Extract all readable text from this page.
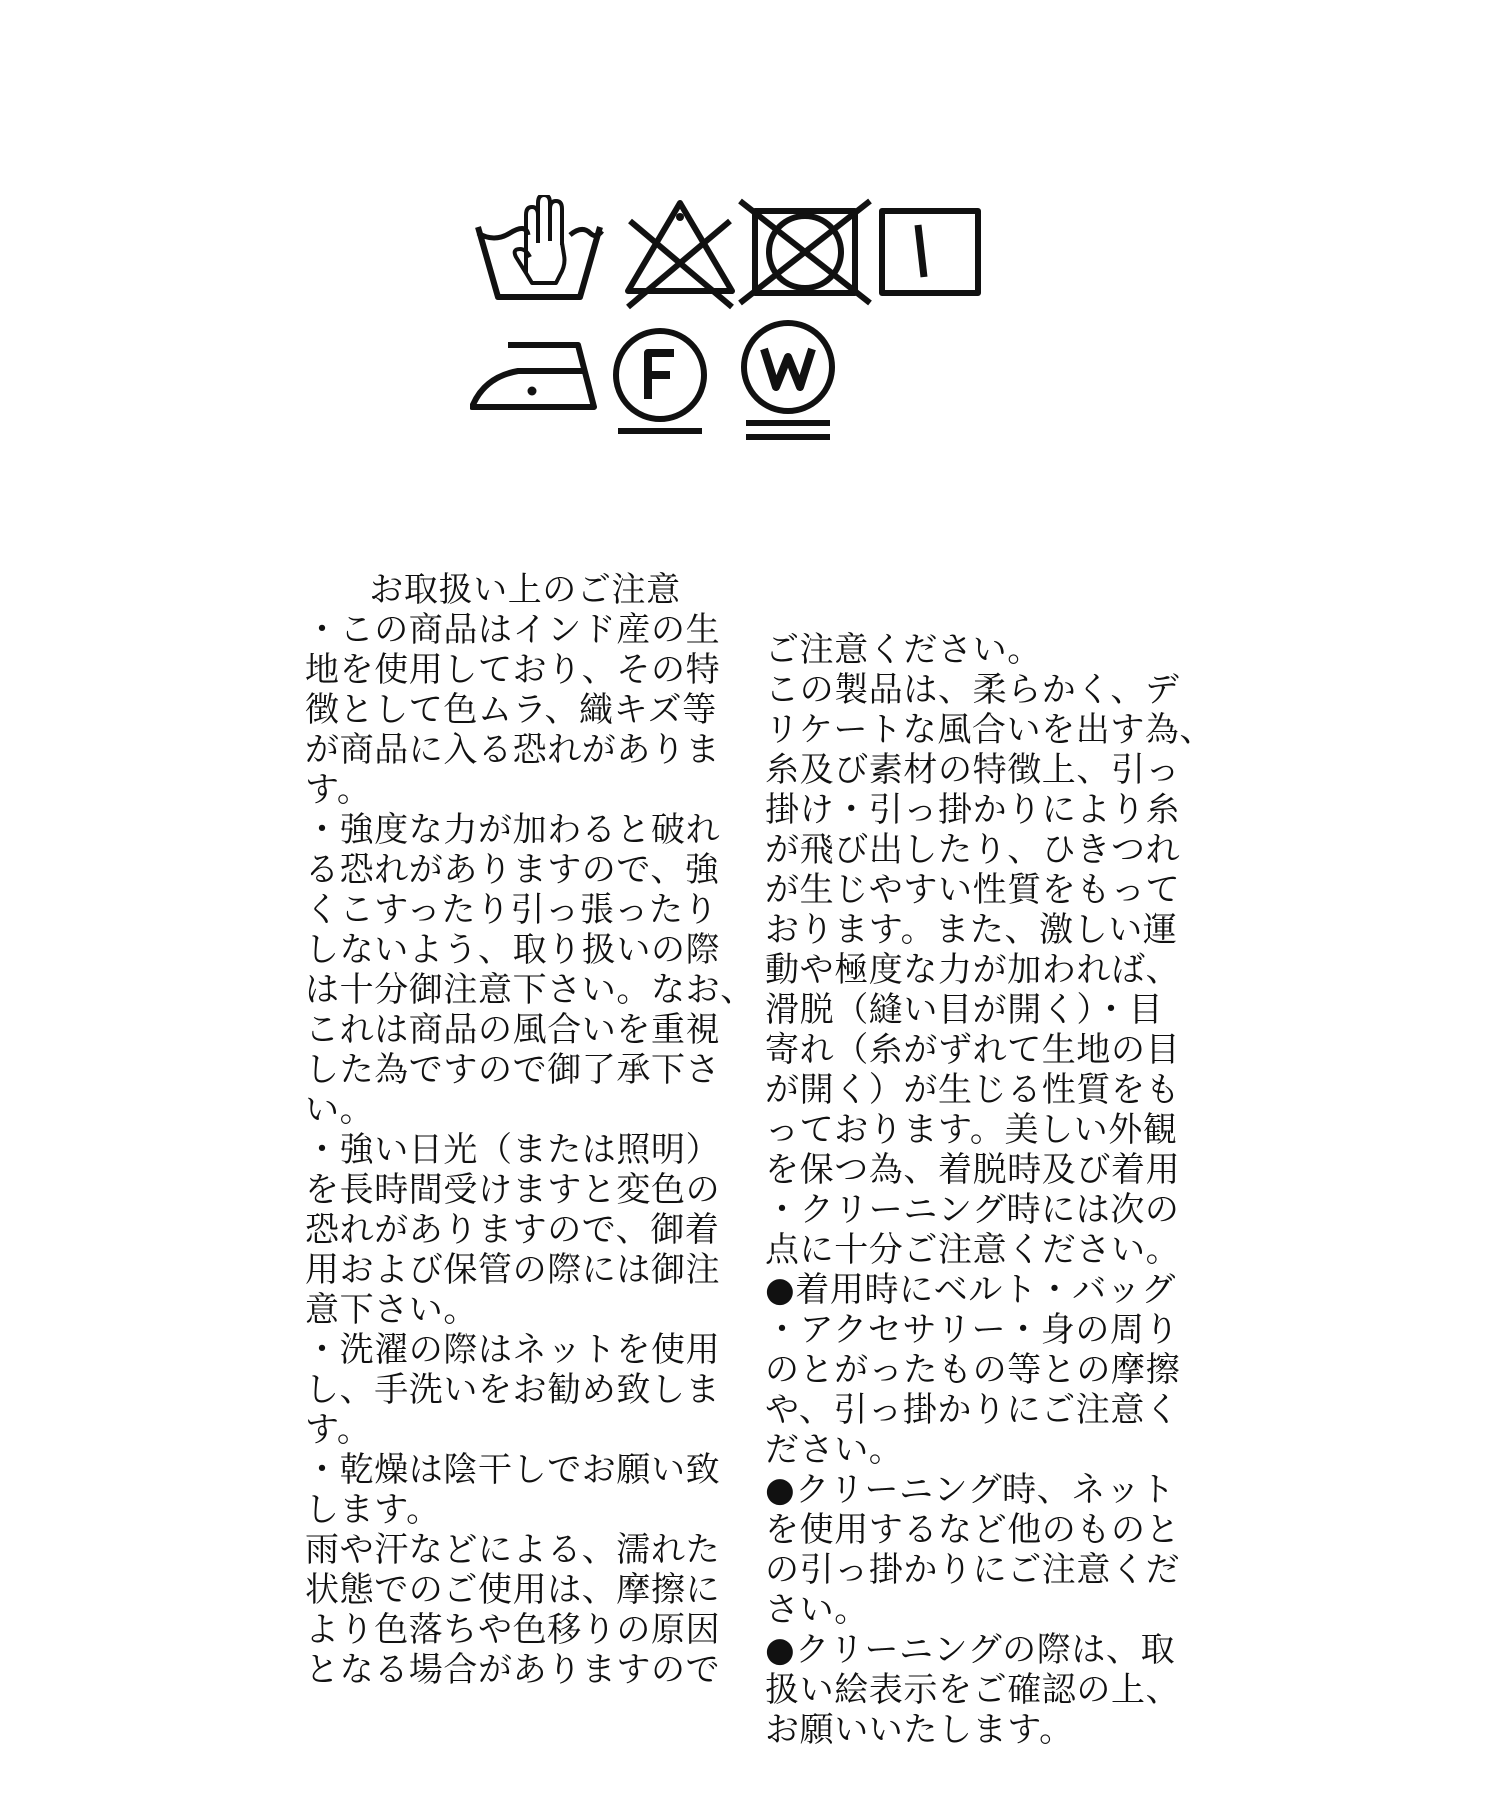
お取扱い上のご注意

・この商品はインド産の生
地を使用しており、その特
徴として色ムラ、織キズ等
が商品に入る恐れがありま
す。
・強度な力が加わると破れ
る恐れがありますので、強
くこすったり引っ張ったり
しないよう、取り扱いの際
は十分御注意下さい。なお、
これは商品の風合いを重視
した為ですので御了承下さ
い。
・強い日光（または照明）
を長時間受けますと変色の
恐れがありますので、御着
用および保管の際には御注
意下さい。
・洗濯の際はネットを使用
し、手洗いをお勧め致しま
す。
・乾燥は陰干しでお願い致
します。
雨や汗などによる、濡れた
状態でのご使用は、摩擦に
より色落ちや色移りの原因
となる場合がありますので

ご注意ください。
この製品は、柔らかく、デ
リケートな風合いを出す為、
糸及び素材の特徴上、引っ
掛け・引っ掛かりにより糸
が飛び出したり、ひきつれ
が生じやすい性質をもって
おります。また、激しい運
動や極度な力が加われば、
滑脱（縫い目が開く）・目
寄れ（糸がずれて生地の目
が開く）が生じる性質をも
っております。美しい外観
を保つ為、着脱時及び着用
・クリーニング時には次の
点に十分ご注意ください。
●着用時にベルト・バッグ
・アクセサリー・身の周り
のとがったもの等との摩擦
や、引っ掛かりにご注意く
ださい。
●クリーニング時、ネット
を使用するなど他のものと
の引っ掛かりにご注意くだ
さい。
●クリーニングの際は、取
扱い絵表示をご確認の上、
お願いいたします。
